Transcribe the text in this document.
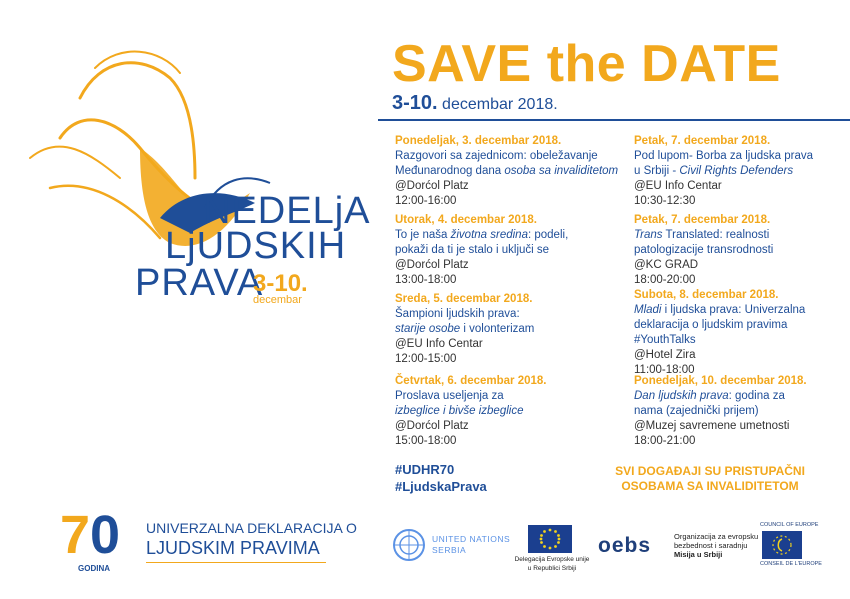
NEDELjA
LjUDSKIH
PRAVA
3-10.
decembar
7 0
GODINA
UNIVERZALNA DEKLARACIJA O
LJUDSKIM PRAVIMA
SAVE the DATE
3-10. decembar 2018.
Ponedeljak, 3. decembar 2018.
Razgovori sa zajednicom: obeležavanje
Međunarodnog dana osoba sa invaliditetom
@Dorćol Platz
12:00-16:00
Utorak, 4. decembar 2018.
To je naša životna sredina: podeli,
pokaži da ti je stalo i uključi se
@Dorćol Platz
13:00-18:00
Sreda, 5. decembar 2018.
Šampioni ljudskih prava:
starije osobe i volonterizam
@EU Info Centar
12:00-15:00
Četvrtak, 6. decembar 2018.
Proslava useljenja za
izbeglice i bivše izbeglice
@Dorćol Platz
15:00-18:00
Petak, 7. decembar 2018.
Pod lupom- Borba za ljudska prava
u Srbiji - Civil Rights Defenders
@EU Info Centar
10:30-12:30
Petak, 7. decembar 2018.
Trans Translated: realnosti
patologizacije transrodnosti
@KC GRAD
18:00-20:00
Subota, 8. decembar 2018.
Mladi i ljudska prava: Univerzalna
deklaracija o ljudskim pravima
#YouthTalks
@Hotel Zira
11:00-18:00
Ponedeljak, 10. decembar 2018.
Dan ljudskih prava: godina za
nama (zajednički prijem)
@Muzej savremene umetnosti
18:00-21:00
#UDHR70
#LjudskaPrava
SVI DOGAĐAJI SU PRISTUPAČNI
OSOBAMA SA INVALIDITETOM
UNITED NATIONS
SERBIA
Delegacija Evropske unije
u Republici Srbiji
oebs	Organizacija za evropsku
bezbednost i saradnju
Misija u Srbiji
COUNCIL OF EUROPE
CONSEIL DE L'EUROPE
